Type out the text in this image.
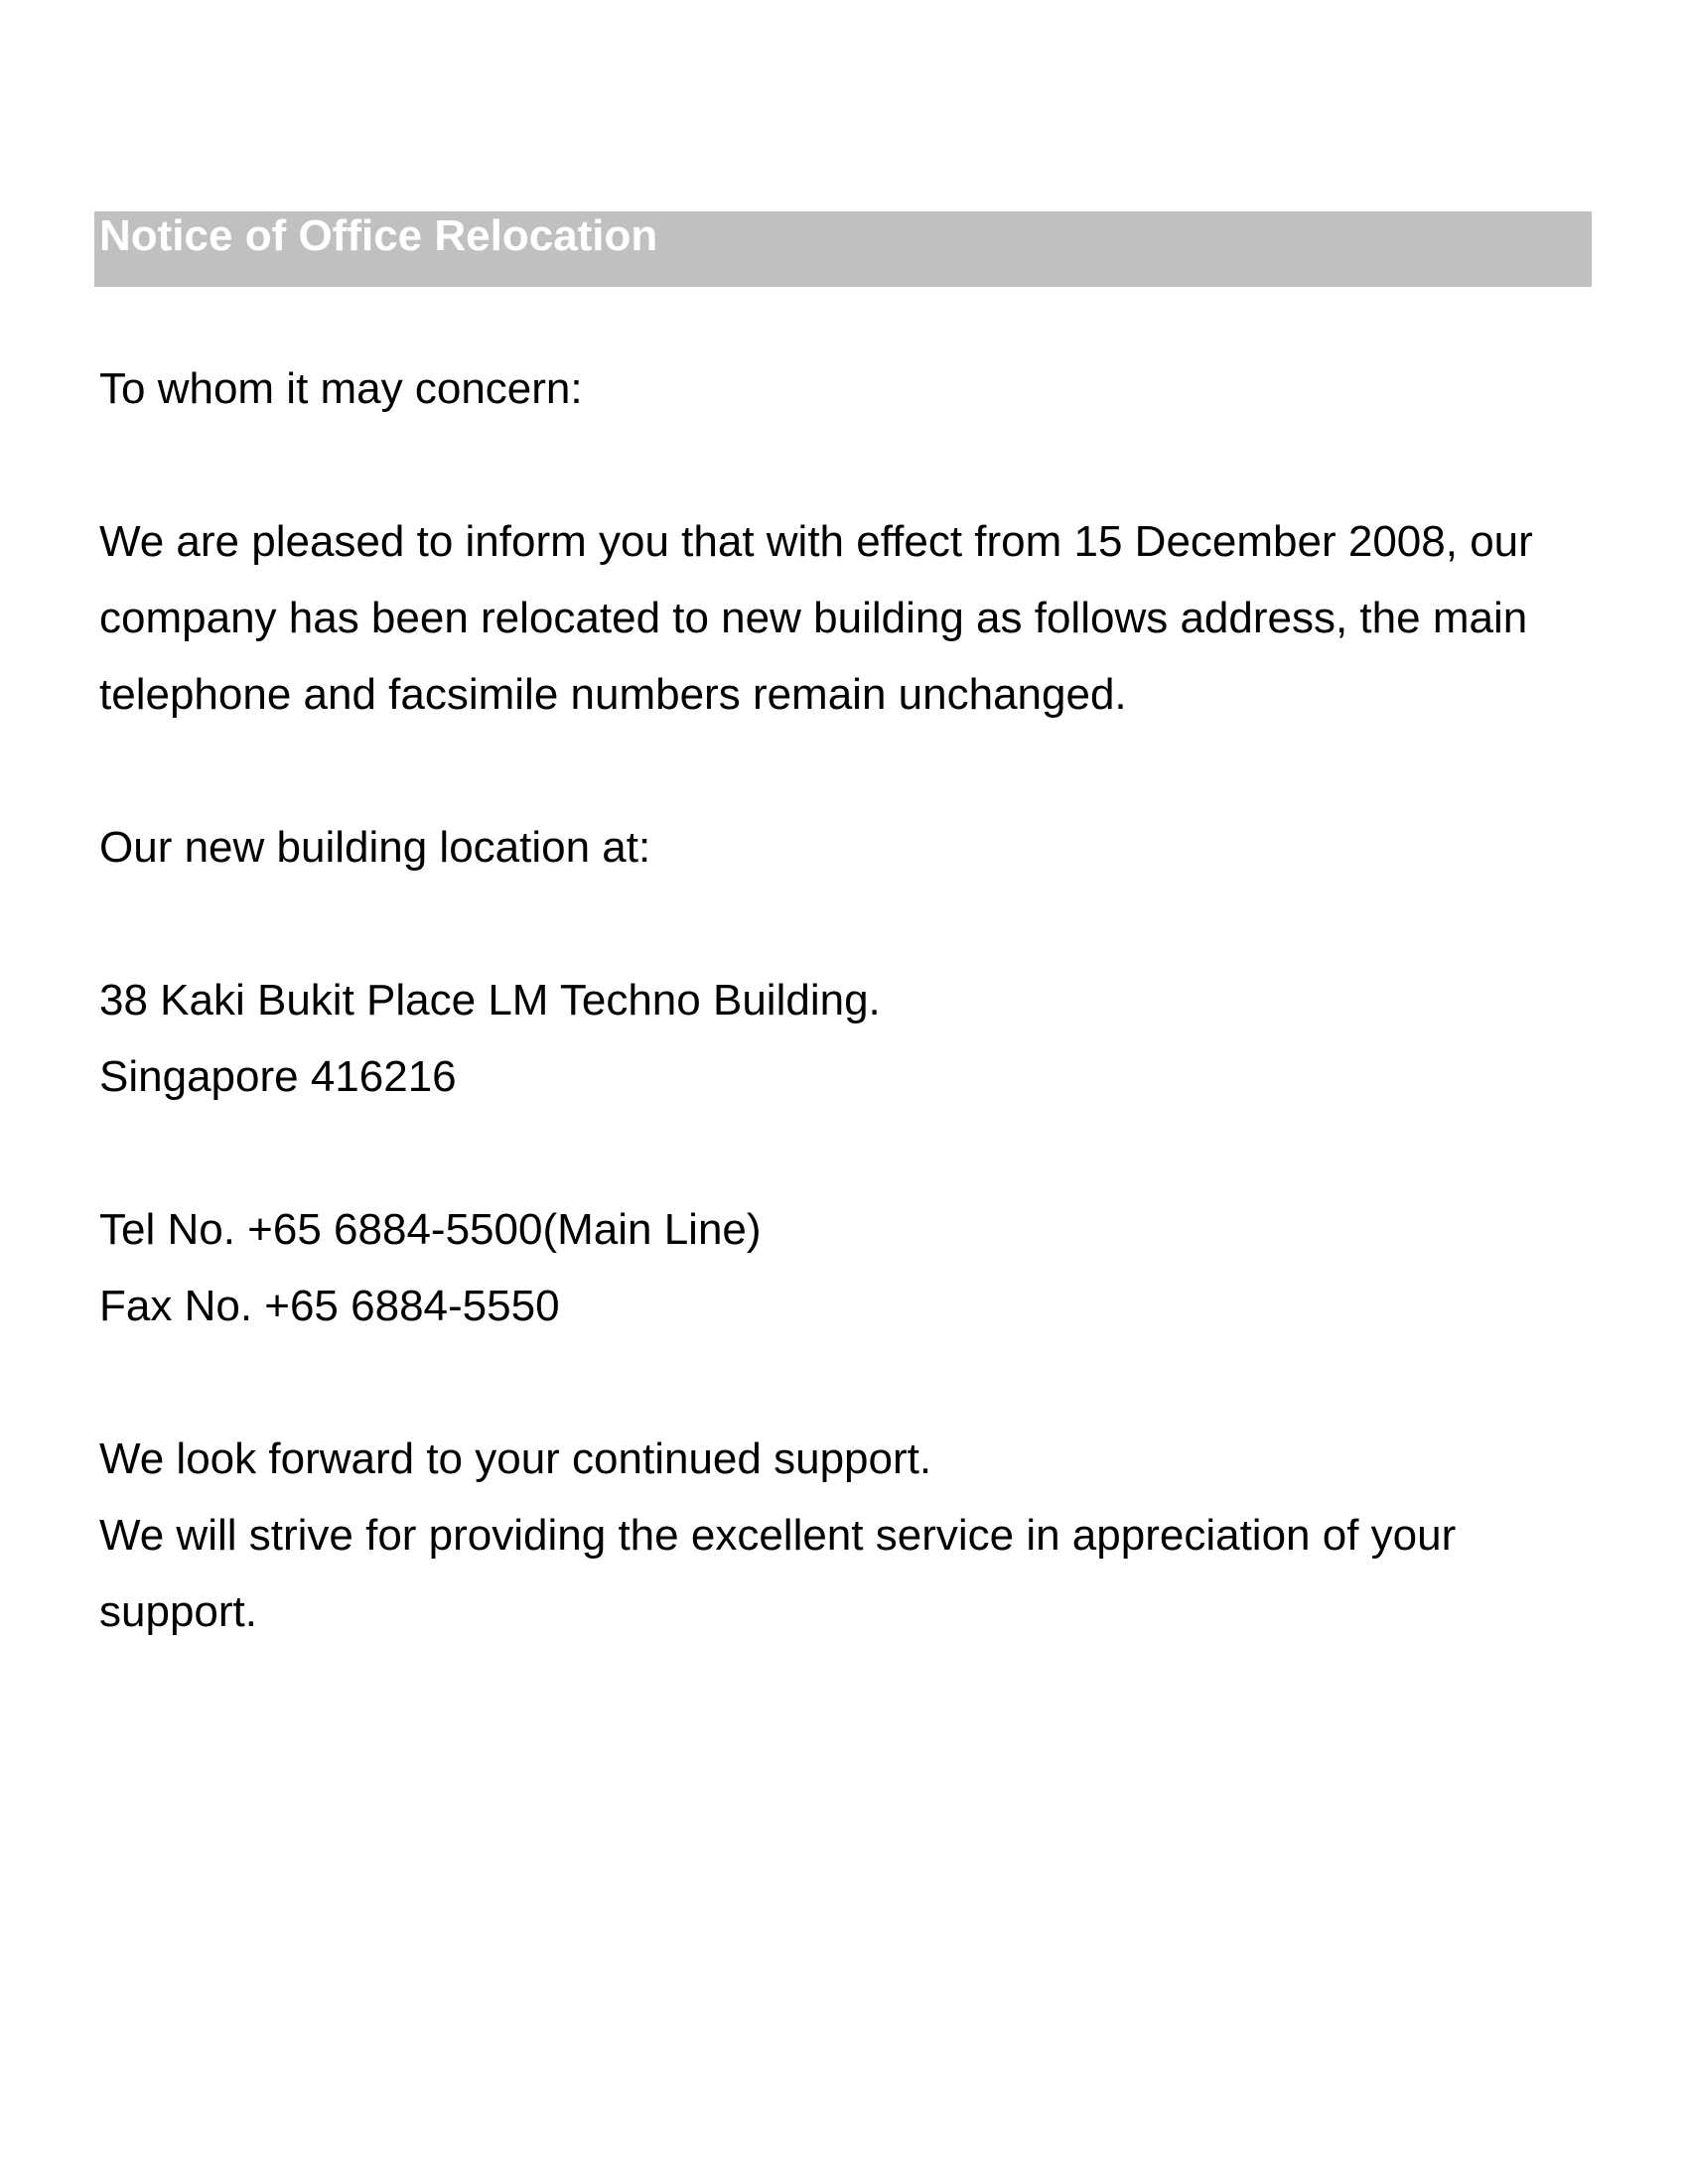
Notice of Office Relocation
To whom it may concern:
We are pleased to inform you that with effect from 15 December 2008, our
company has been relocated to new building as follows address, the main
telephone and facsimile numbers remain unchanged.
Our new building location at:
38 Kaki Bukit Place LM Techno Building.
Singapore 416216
Tel No. +65 6884-5500(Main Line)
Fax No. +65 6884-5550
We look forward to your continued support.
We will strive for providing the excellent service in appreciation of your
support.
